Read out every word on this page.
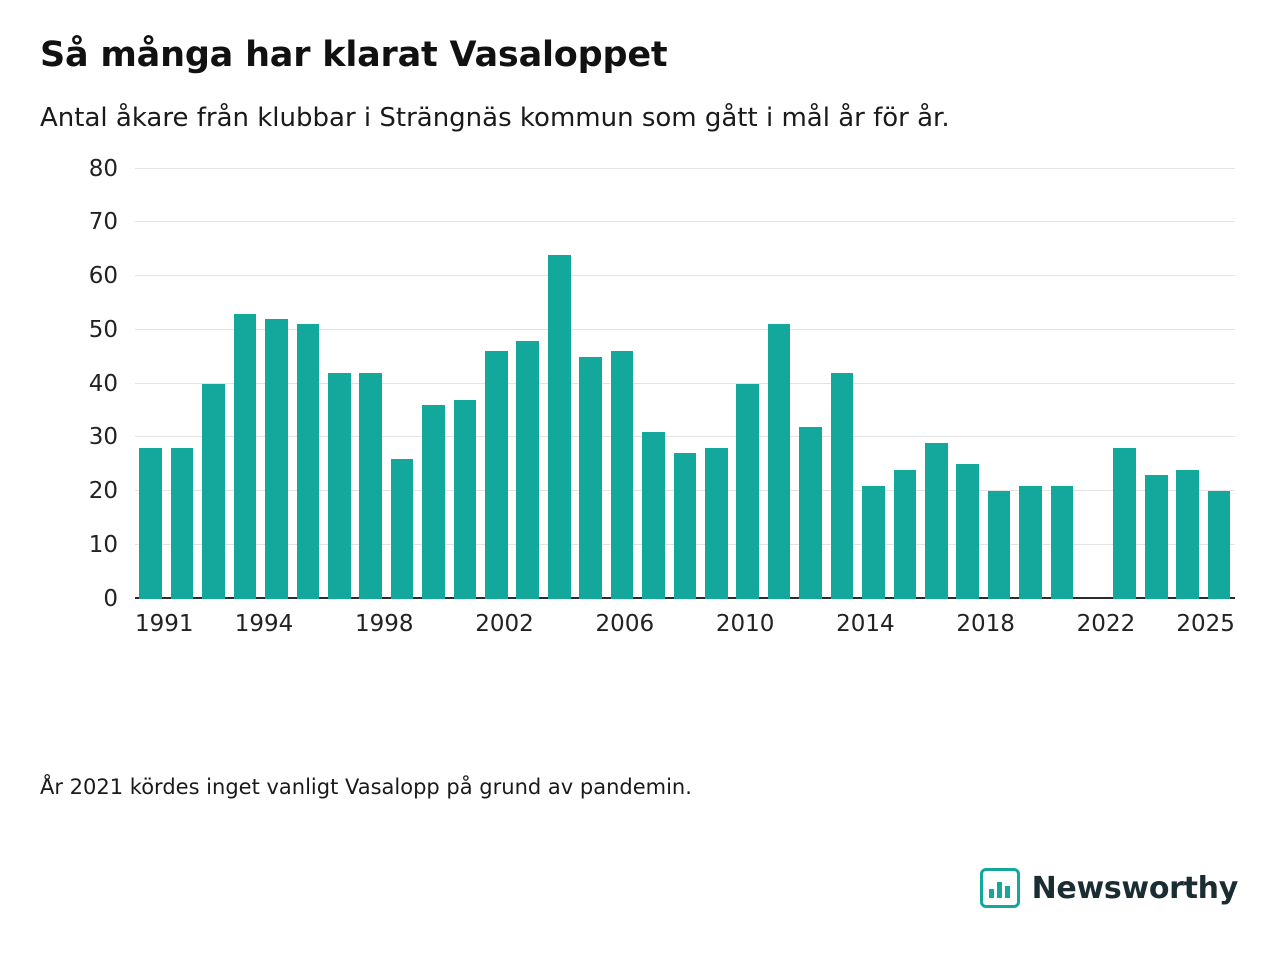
Så många har klarat Vasaloppet

Antal åkare från klubbar i Strängnäs kommun som gått i mål år för år.

0
10
20
30
40
50
60
70
80
1991 1994	1998	2002	2006	2010	2014	2018	2022 2025
År 2021 kördes inget vanligt Vasalopp på grund av pandemin.
Newsworthy
